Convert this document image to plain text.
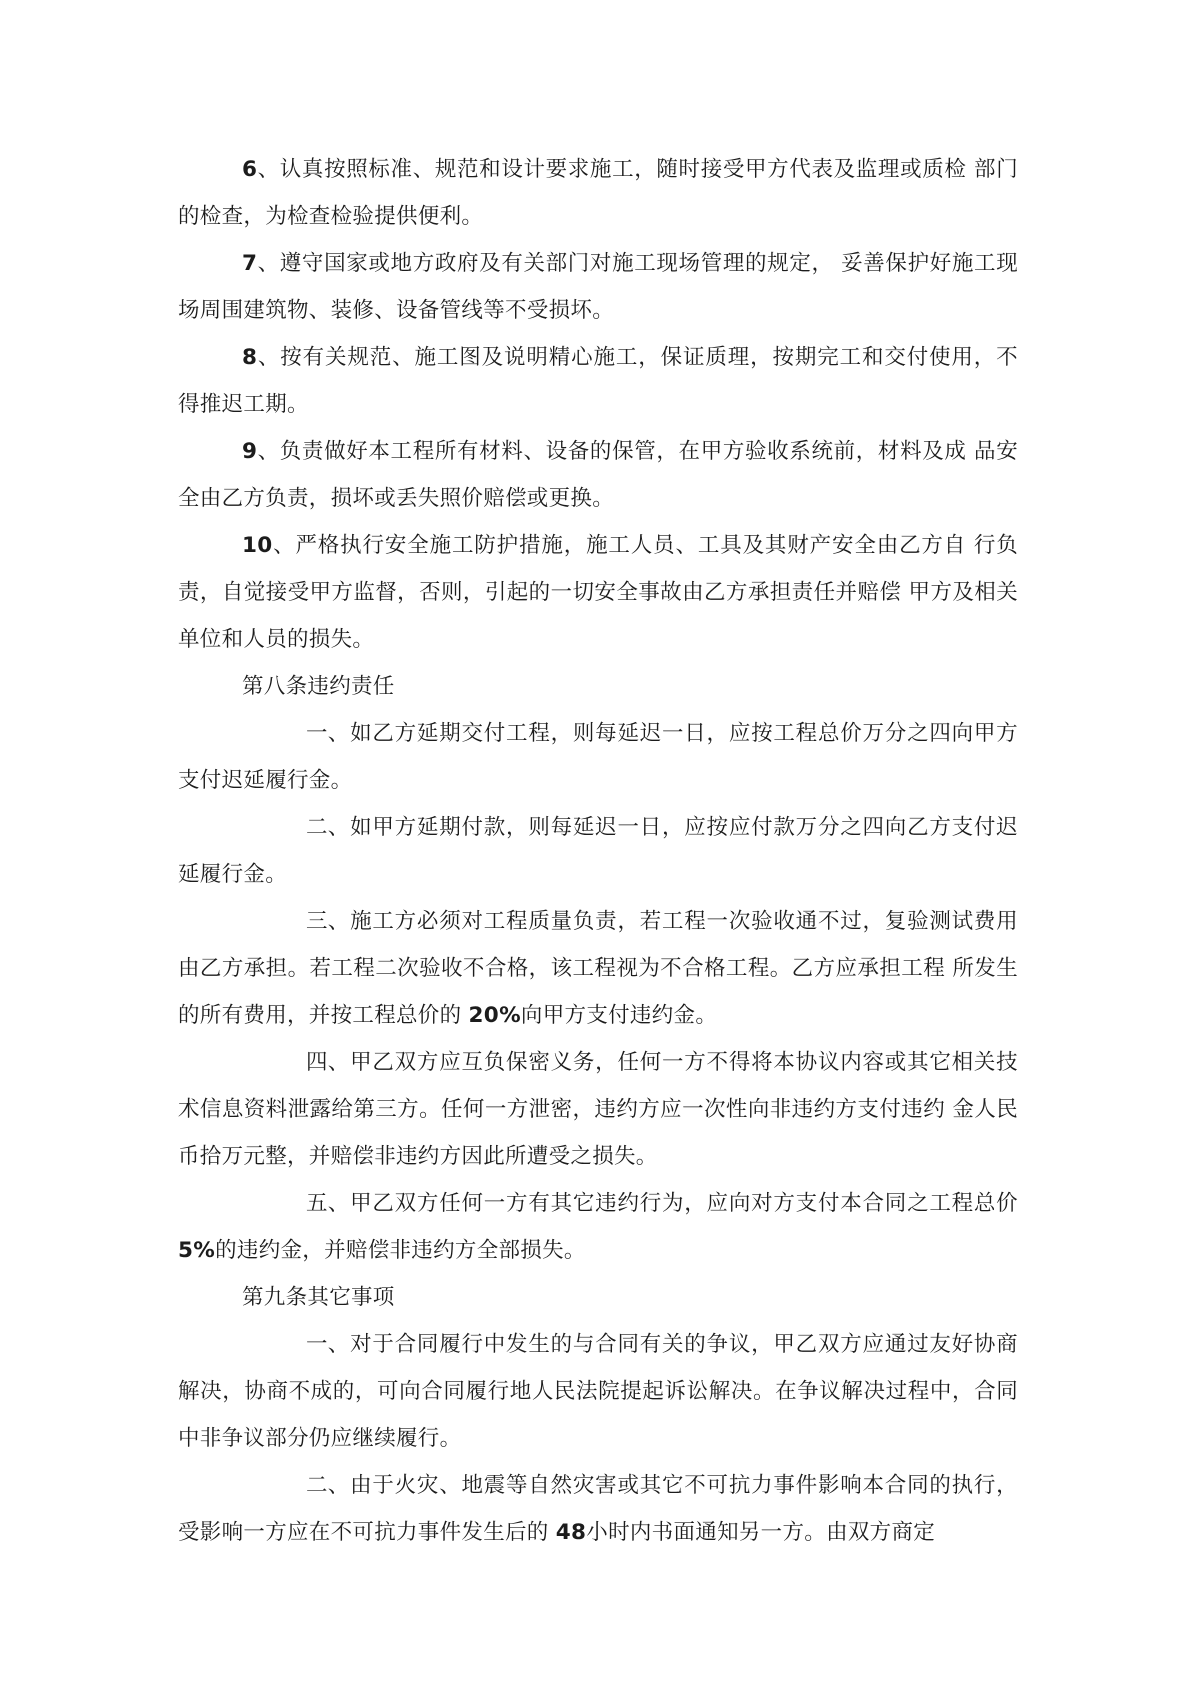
6、认真按照标准、规范和设计要求施工，随时接受甲方代表及监理或质检 部门的检查，为检查检验提供便利。

7、遵守国家或地方政府及有关部门对施工现场管理的规定， 妥善保护好施工现场周围建筑物、装修、设备管线等不受损坏。

8、按有关规范、施工图及说明精心施工，保证质理，按期完工和交付使用，不得推迟工期。

9、负责做好本工程所有材料、设备的保管，在甲方验收系统前，材料及成 品安全由乙方负责，损坏或丢失照价赔偿或更换。

10、严格执行安全施工防护措施，施工人员、工具及其财产安全由乙方自 行负责，自觉接受甲方监督，否则，引起的一切安全事故由乙方承担责任并赔偿 甲方及相关单位和人员的损失。

第八条违约责任

一、如乙方延期交付工程，则每延迟一日，应按工程总价万分之四向甲方支付迟延履行金。

二、如甲方延期付款，则每延迟一日，应按应付款万分之四向乙方支付迟延履行金。

三、施工方必须对工程质量负责，若工程一次验收通不过，复验测试费用由乙方承担。若工程二次验收不合格，该工程视为不合格工程。乙方应承担工程 所发生的所有费用，并按工程总价的 20%向甲方支付违约金。

四、甲乙双方应互负保密义务，任何一方不得将本协议内容或其它相关技术信息资料泄露给第三方。任何一方泄密，违约方应一次性向非违约方支付违约 金人民币拾万元整，并赔偿非违约方因此所遭受之损失。

五、甲乙双方任何一方有其它违约行为，应向对方支付本合同之工程总价 5%的违约金，并赔偿非违约方全部损失。

第九条其它事项

一、对于合同履行中发生的与合同有关的争议，甲乙双方应通过友好协商解决，协商不成的，可向合同履行地人民法院提起诉讼解决。在争议解决过程中，合同中非争议部分仍应继续履行。

二、由于火灾、地震等自然灾害或其它不可抗力事件影响本合同的执行，受影响一方应在不可抗力事件发生后的 48小时内书面通知另一方。由双方商定
